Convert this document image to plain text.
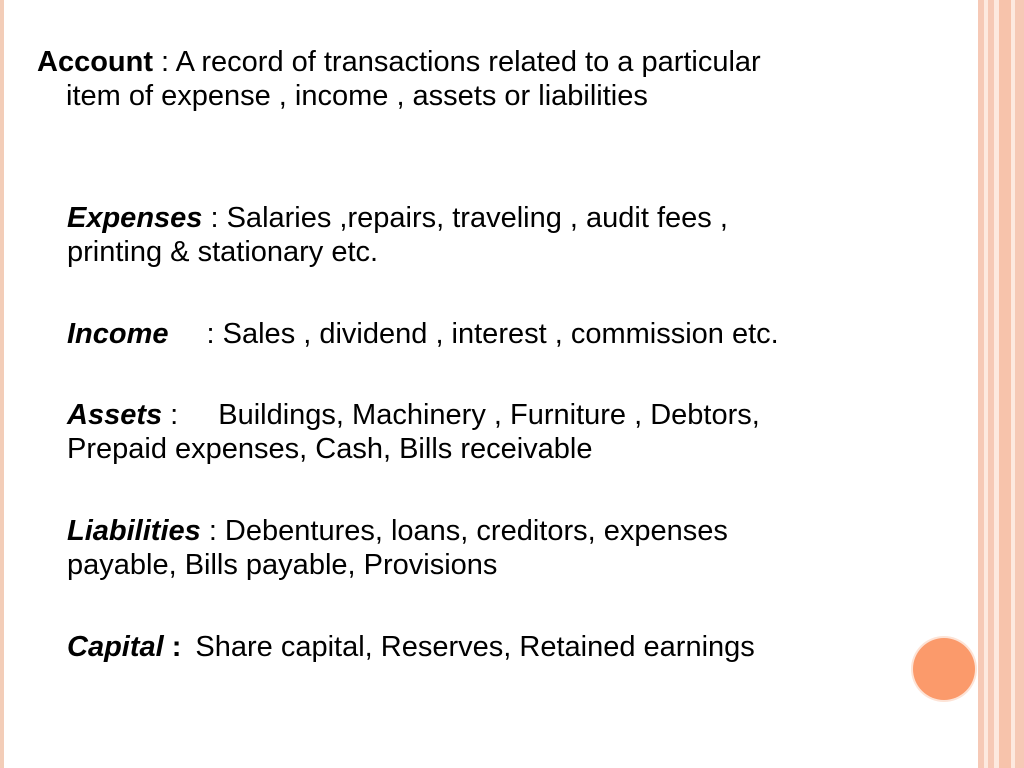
Account : A record of transactions related to a particular
item of expense , income , assets or liabilities
Expenses : Salaries ,repairs, traveling , audit fees ,
printing & stationary etc.
Income : Sales , dividend , interest , commission etc.
Assets : Buildings, Machinery , Furniture , Debtors,
Prepaid expenses, Cash, Bills receivable
Liabilities : Debentures, loans, creditors, expenses
payable, Bills payable, Provisions
Capital : Share capital, Reserves, Retained earnings
